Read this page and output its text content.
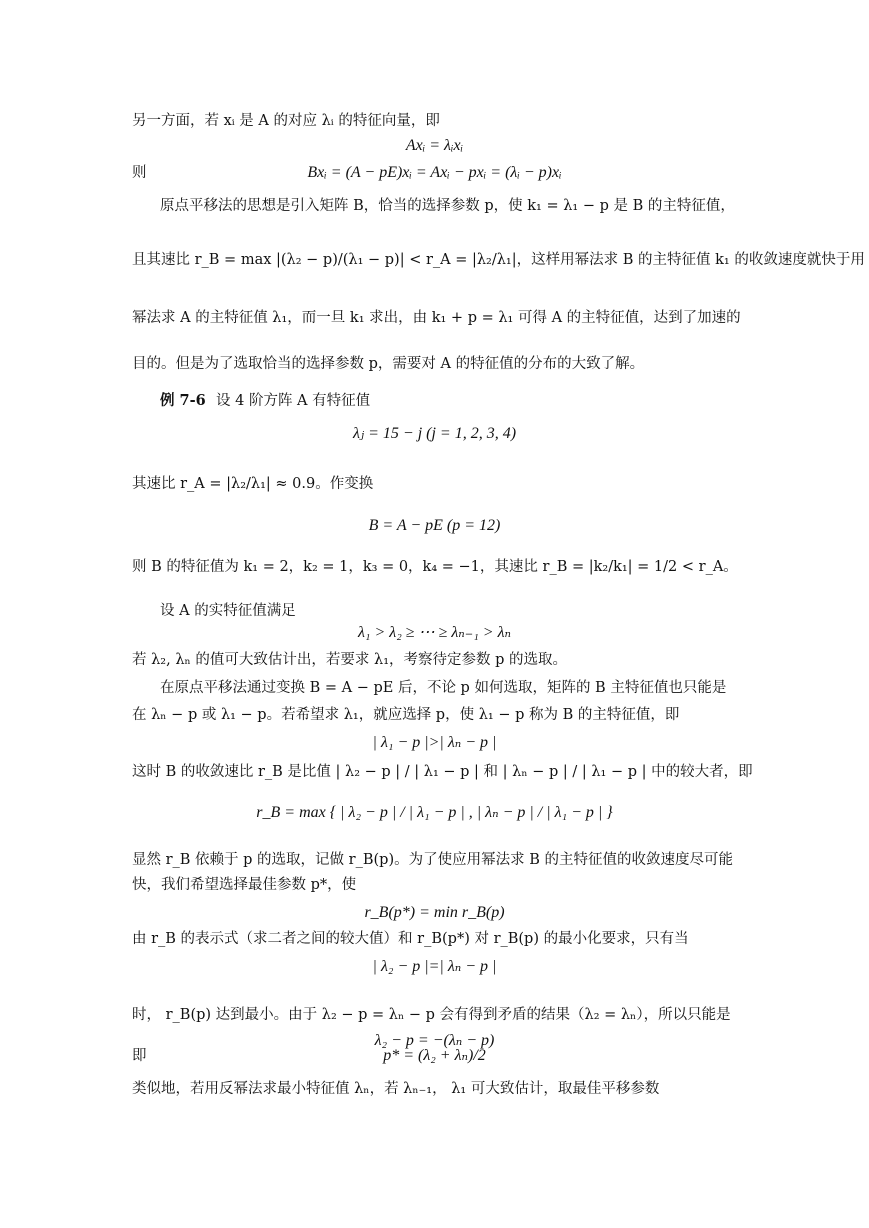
另一方面，若 xᵢ 是 A 的对应 λᵢ 的特征向量，即
Axᵢ = λᵢxᵢ
则	Bxᵢ = (A − pE)xᵢ = Axᵢ − pxᵢ = (λᵢ − p)xᵢ
原点平移法的思想是引入矩阵 B，恰当的选择参数 p，使 k₁ = λ₁ − p 是 B 的主特征值，
且其速比 r_B = max |(λ₂ − p)/(λ₁ − p)| < r_A = |λ₂/λ₁|，这样用幂法求 B 的主特征值 k₁ 的收敛速度就快于用
幂法求 A 的主特征值 λ₁，而一旦 k₁ 求出，由 k₁ + p = λ₁ 可得 A 的主特征值，达到了加速的
目的。但是为了选取恰当的选择参数 p，需要对 A 的特征值的分布的大致了解。
例 7-6 设 4 阶方阵 A 有特征值
λⱼ = 15 − j (j = 1, 2, 3, 4)
其速比 r_A = |λ₂/λ₁| ≈ 0.9。作变换
B = A − pE (p = 12)
则 B 的特征值为 k₁ = 2，k₂ = 1，k₃ = 0，k₄ = −1，其速比 r_B = |k₂/k₁| = 1/2 < r_A。
设 A 的实特征值满足
λ₁ > λ₂ ≥ ⋯ ≥ λₙ₋₁ > λₙ
若 λ₂, λₙ 的值可大致估计出，若要求 λ₁，考察待定参数 p 的选取。
在原点平移法通过变换 B = A − pE 后，不论 p 如何选取，矩阵的 B 主特征值也只能是
在 λₙ − p 或 λ₁ − p。若希望求 λ₁，就应选择 p，使 λ₁ − p 称为 B 的主特征值，即
| λ₁ − p |>| λₙ − p |
这时 B 的收敛速比 r_B 是比值 | λ₂ − p | / | λ₁ − p | 和 | λₙ − p | / | λ₁ − p | 中的较大者，即
r_B = max { | λ₂ − p | / | λ₁ − p | , | λₙ − p | / | λ₁ − p | }
显然 r_B 依赖于 p 的选取，记做 r_B(p)。为了使应用幂法求 B 的主特征值的收敛速度尽可能
快，我们希望选择最佳参数 p*，使
r_B(p*) = min r_B(p)
由 r_B 的表示式（求二者之间的较大值）和 r_B(p*) 对 r_B(p) 的最小化要求，只有当
| λ₂ − p |=| λₙ − p |
时， r_B(p) 达到最小。由于 λ₂ − p = λₙ − p 会有得到矛盾的结果（λ₂ = λₙ），所以只能是
λ₂ − p = −(λₙ − p)
即	p* = (λ₂ + λₙ)/2
类似地，若用反幂法求最小特征值 λₙ，若 λₙ₋₁， λ₁ 可大致估计，取最佳平移参数
